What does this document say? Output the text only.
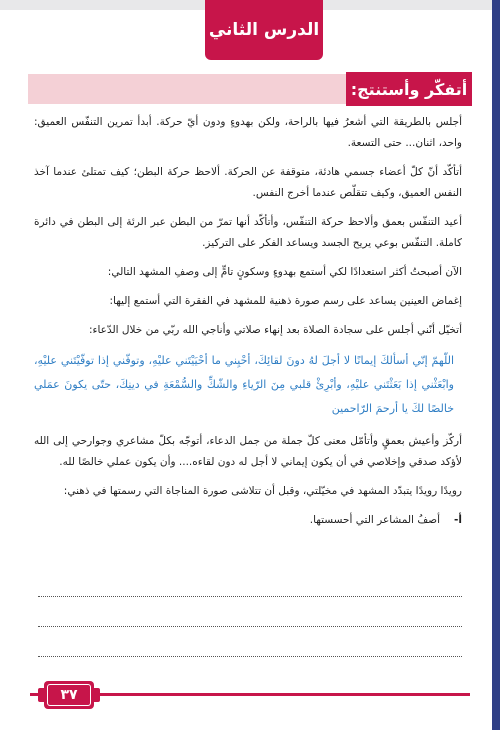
الدرس الثاني
أتفكّر وأستنتج:

أجلس بالطريقة التي أشعرُ فيها بالراحة، ولكن بهدوءٍ ودون أيّ حركة. أبدأ تمرين التنفّس العميق: واحد، اثنان... حتى التسعة.

أتأكّد أنّ كلّ أعضاء جسمي هادئة، متوقفة عن الحركة. ألاحظ حركة البطن؛ كيف تمتلئ عندما آخذ النفس العميق، وكيف تتقلّص عندما أخرج النفس.

أعيد التنفّس بعمق وألاحظ حركة التنفّس، وأتأكّد أنها تمرّ من البطن عبر الرئة إلى البطن في دائرة كاملة. التنفّس بوعي يريح الجسد ويساعد الفكر على التركيز.

الآن أصبحتُ أكثر استعدادًا لكي أستمع بهدوءٍ وسكونٍ تامٍّ إلى وصفِ المشهد التالي:

إغماض العينين يساعد على رسم صورة ذهنية للمشهد في الفقرة التي أستمع إليها:

أتخيّل أنّني أجلس على سجادة الصلاة بعد إنهاء صلاتي وأناجي الله ربّي من خلال الدّعاء:

اللّهمّ إنّي أسألكَ إيمانًا لا أجلَ لهُ دونَ لقائِكَ، أحْيِني ما أحْيَيْتَني عليْهِ، وتوفّني إذا توفّيْتَني عليْهِ، وابْعَثْني إذا بَعَثْتَني عليْهِ، وأبْرِئْ قلبي مِنَ الرّياءِ والشّكِّ والسُّمْعَةِ في دينِكَ، حتّى يكونَ عمَلي خالصًا لكَ يا أرحمَ الرّاحمين

أركّز وأعيش بعمقٍ وأتأمّل معنى كلّ جملة من جمل الدعاء، أتوجّه بكلّ مشاعري وجوارحي إلى الله لأؤكد صدقي وإخلاصي في أن يكون إيماني لا أجل له دون لقاءه.... وأن يكون عملي خالصًا لله.

رويدًا رويدًا يتبدّد المشهد في مخيّلتي، وقبل أن تتلاشى صورة المناجاة التي رسمتها في ذهني:

أ-
أصفُ المشاعر التي أحسستها.
٣٧
